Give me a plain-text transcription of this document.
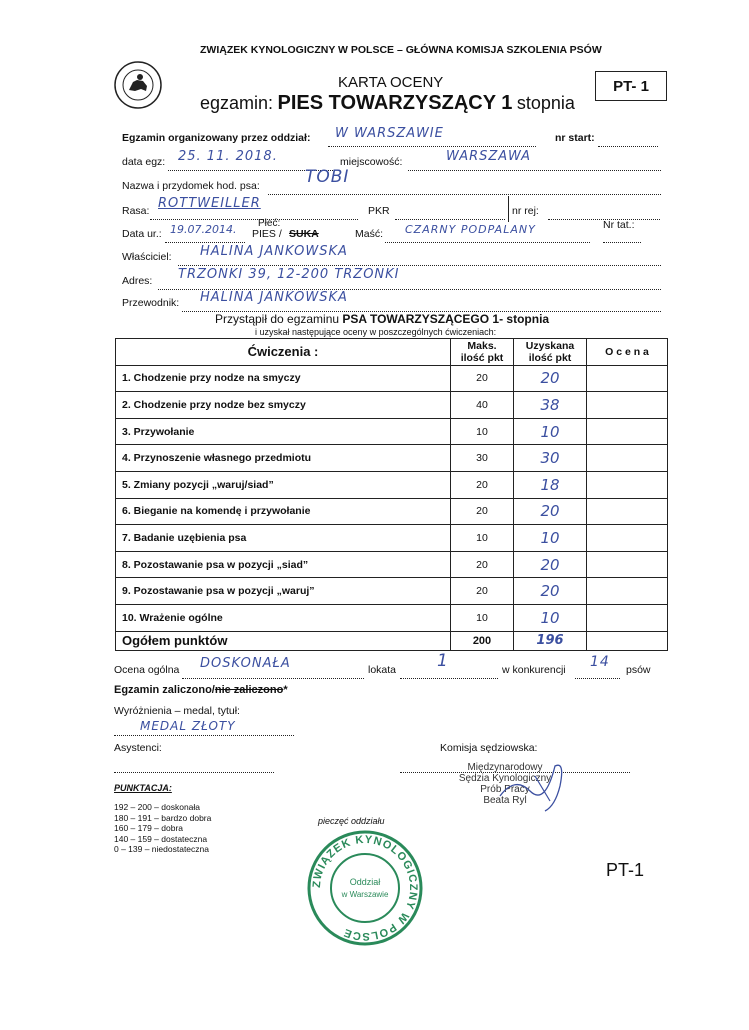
ZWIĄZEK KYNOLOGICZNY W POLSCE – GŁÓWNA KOMISJA SZKOLENIA PSÓW
KARTA OCENY
egzamin: PIES TOWARZYSZĄCY 1 stopnia
PT- 1
Egzamin organizowany przez oddział: W WARSZAWIE	nr start:
data egz: 25. 11. 2018.	miejscowość:	WARSZAWA
Nazwa i przydomek hod. psa:	TOBI
Rasa: ROTTWEILLER	PKR	nr rej:
Płeć:	Nr tat.:
Data ur.: 19.07.2014. PIES / SUKA	Maść: CZARNY PODPALANY
Właściciel: HALINA JANKOWSKA
Adres: TRZONKI 39, 12-200 TRZONKI
Przewodnik: HALINA JANKOWSKA
Przystąpił do egzaminu PSA TOWARZYSZĄCEGO 1- stopnia
i uzyskał następujące oceny w poszczególnych ćwiczeniach:
Ćwiczenia :	Maks. ilość pkt	Uzyskana ilość pkt	O c e n a
1. Chodzenie przy nodze na smyczy	20	20	
2. Chodzenie przy nodze bez smyczy	40	38	
3. Przywołanie	10	10	
4. Przynoszenie własnego przedmiotu	30	30	
5. Zmiany pozycji „waruj/siad”	20	18	
6. Bieganie na komendę i przywołanie	20	20	
7. Badanie uzębienia psa	10	10	
8. Pozostawanie psa w pozycji „siad”	20	20	
9. Pozostawanie psa w pozycji „waruj”	20	20	
10. Wrażenie ogólne	10	10	
Ogółem punktów	200	196	
Ocena ogólna DOSKONAŁA	lokata 1	w konkurencji 14 psów
Egzamin zaliczono/nie zaliczono*
Wyróżnienia – medal, tytuł:
MEDAL ZŁOTY
Asystenci:	Komisja sędziowska:
Międzynarodowy
Sędzia Kynologiczny
Prób Pracy
Beata Ryl
PUNKTACJA:
192 – 200 – doskonała
180 – 191 – bardzo dobra
160 – 179 – dobra
140 – 159 – dostateczna
0 – 139 – niedostateczna
pieczęć oddziału
Oddział
w Warszawie
ZWIĄZEK KYNOLOGICZNY W POLSCE
PT-1
